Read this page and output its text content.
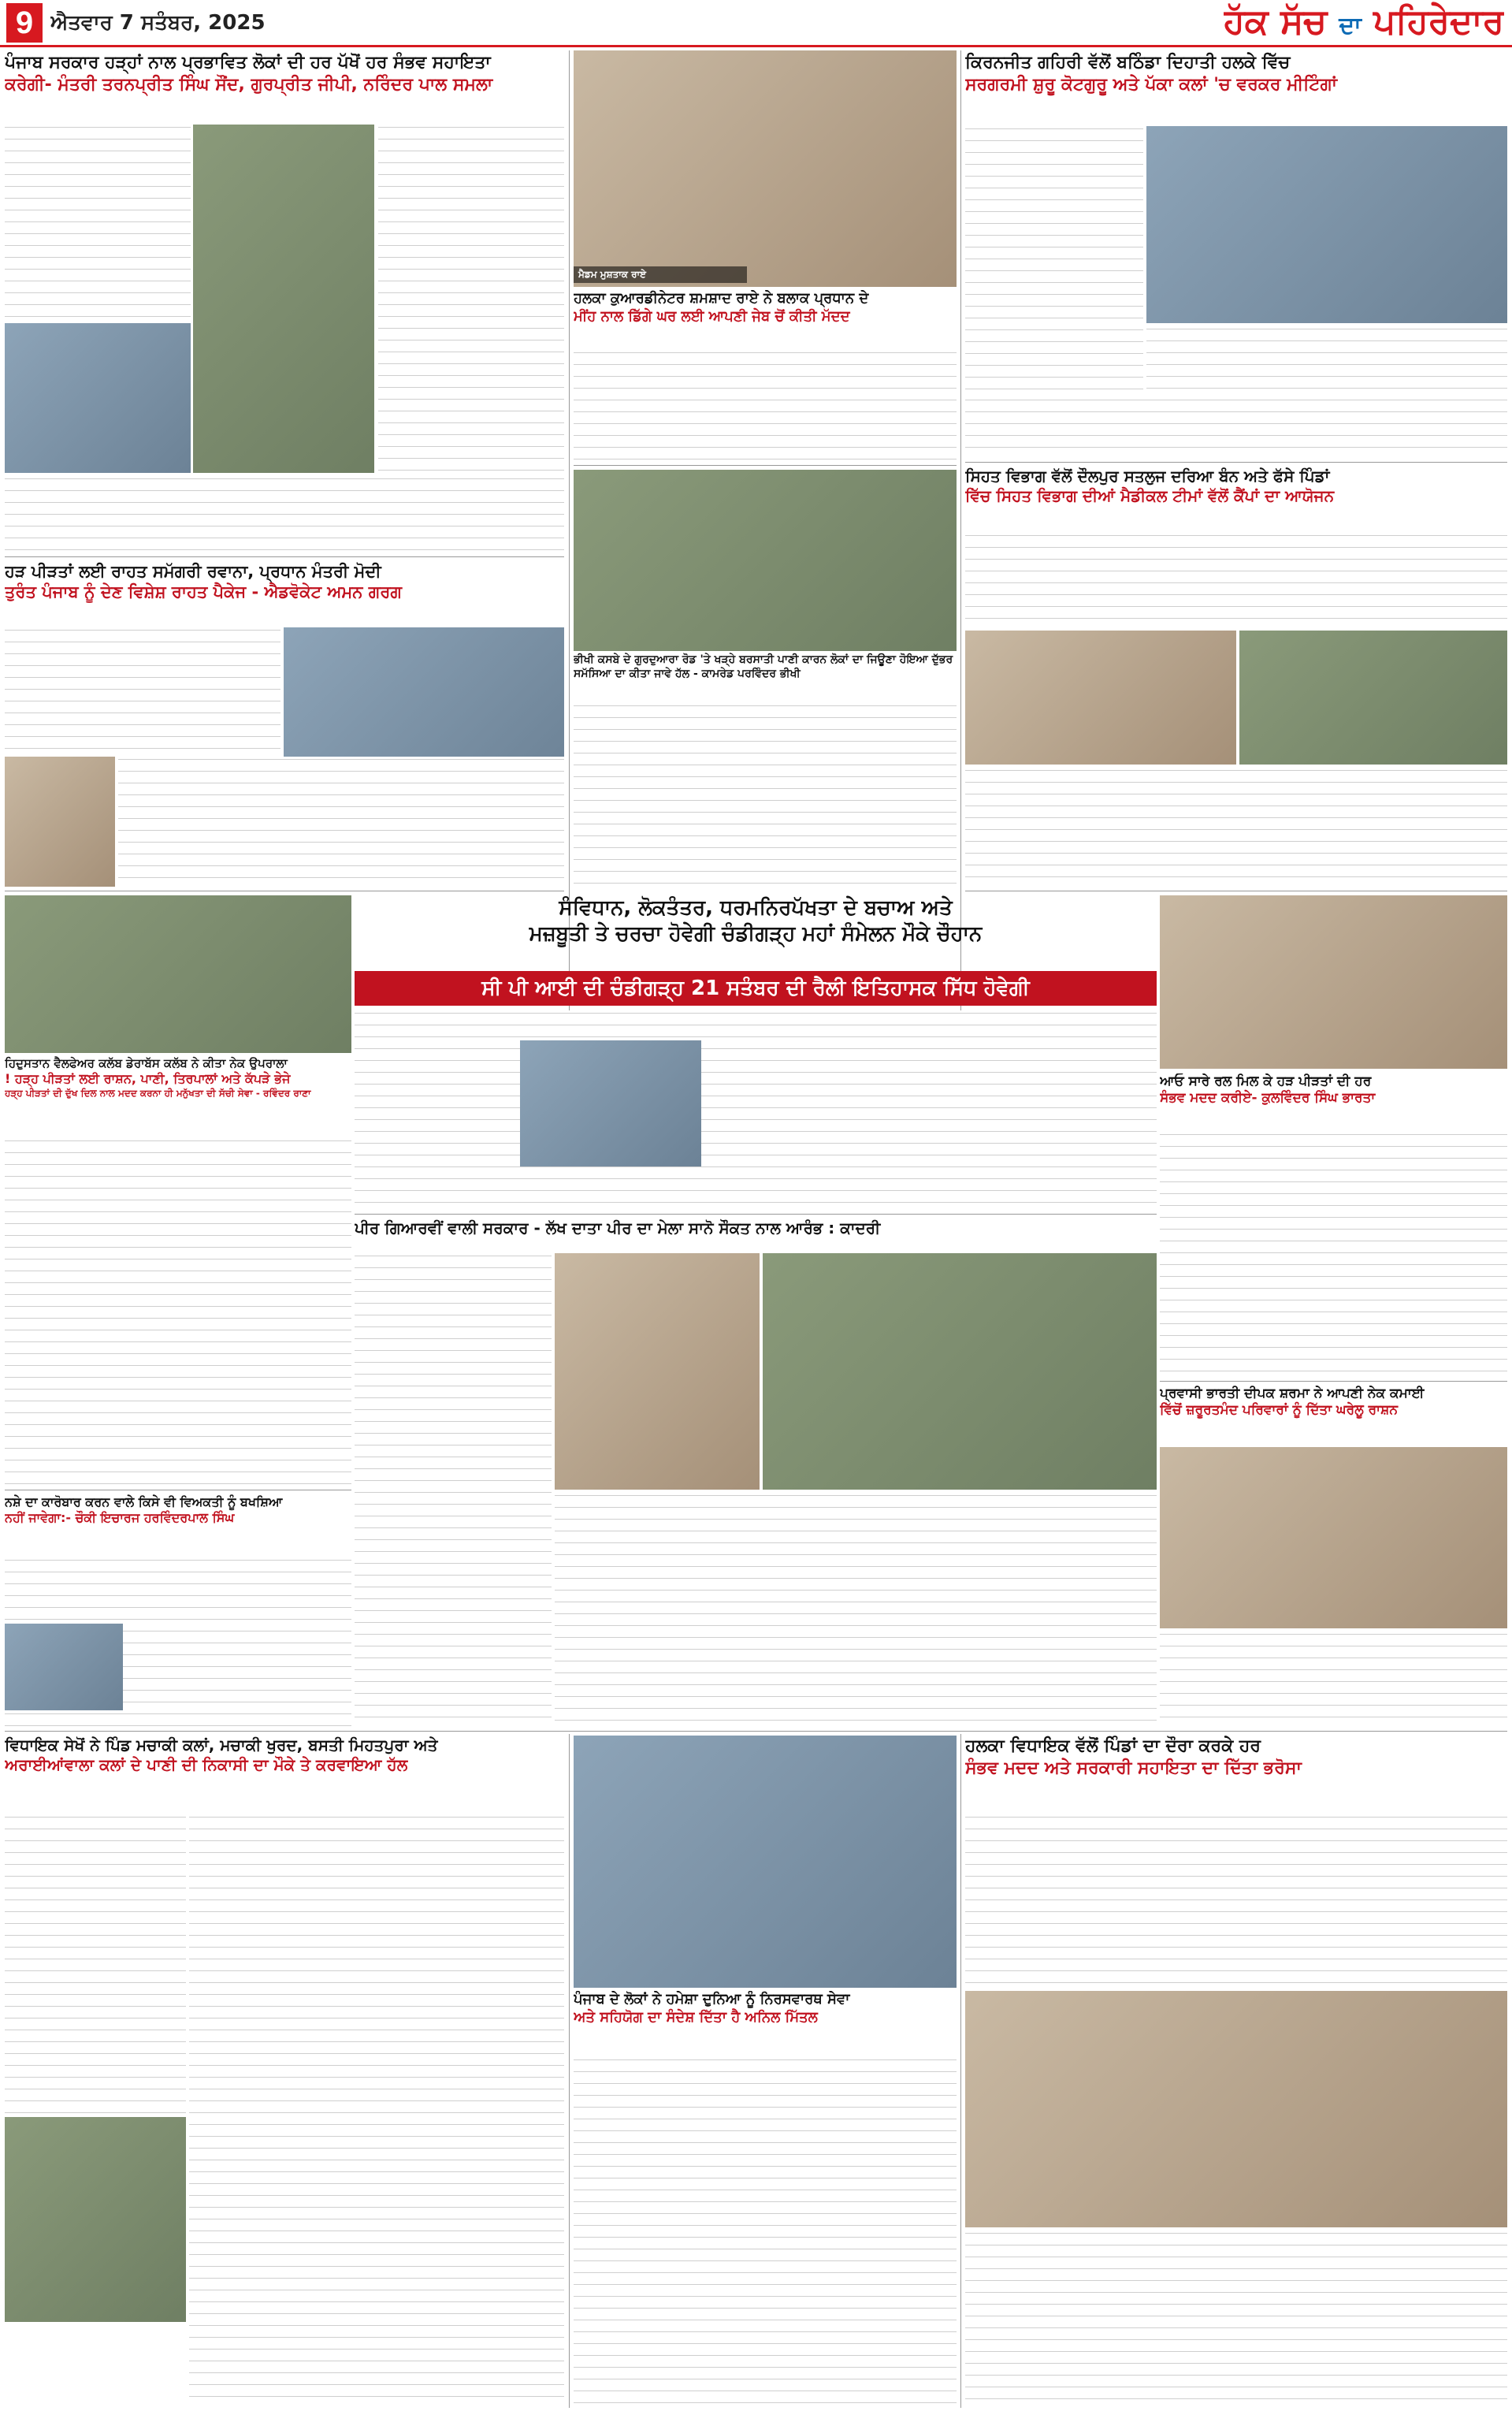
9 ਐਤਵਾਰ 7 ਸਤੰਬਰ, 2025	ਹੱਕ ਸੱਚ ਦਾ ਪਹਿਰੇਦਾਰ
ਪੰਜਾਬ ਸਰਕਾਰ ਹੜ੍ਹਾਂ ਨਾਲ ਪ੍ਰਭਾਵਿਤ ਲੋਕਾਂ ਦੀ ਹਰ ਪੱਖੋਂ ਹਰ ਸੰਭਵ ਸਹਾਇਤਾ
ਕਰੇਗੀ- ਮੰਤਰੀ ਤਰਨਪ੍ਰੀਤ ਸਿੰਘ ਸੌਂਦ, ਗੁਰਪ੍ਰੀਤ ਜੀਪੀ, ਨਰਿੰਦਰ ਪਾਲ ਸਮਲਾ
ਹੜ ਪੀੜਤਾਂ ਲਈ ਰਾਹਤ ਸਮੱਗਰੀ ਰਵਾਨਾ, ਪ੍ਰਧਾਨ ਮੰਤਰੀ ਮੋਦੀ
ਤੁਰੰਤ ਪੰਜਾਬ ਨੂੰ ਦੇਣ ਵਿਸ਼ੇਸ਼ ਰਾਹਤ ਪੈਕੇਜ - ਐਡਵੋਕੇਟ ਅਮਨ ਗਰਗ
ਮੈਡਮ ਮੁਸ਼ਤਾਕ ਰਾਏ
ਹਲਕਾ ਕੁਆਰਡੀਨੇਟਰ ਸ਼ਮਸ਼ਾਦ ਰਾਏ ਨੇ ਬਲਾਕ ਪ੍ਰਧਾਨ ਦੇ
ਮੀਂਹ ਨਾਲ ਡਿੱਗੇ ਘਰ ਲਈ ਆਪਣੀ ਜੇਬ ਚੋਂ ਕੀਤੀ ਮੱਦਦ
ਭੀਖੀ ਕਸਬੇ ਦੇ ਗੁਰਦੁਆਰਾ ਰੋਡ 'ਤੇ ਖੜ੍ਹੇ ਬਰਸਾਤੀ ਪਾਣੀ ਕਾਰਨ ਲੋਕਾਂ ਦਾ ਜਿਊਣਾ ਹੋਇਆ ਦੁੱਭਰ ਸਮੱਸਿਆ ਦਾ ਕੀਤਾ ਜਾਵੇ ਹੱਲ - ਕਾਮਰੇਡ ਪਰਵਿੰਦਰ ਭੀਖੀ
ਕਿਰਨਜੀਤ ਗਹਿਰੀ ਵੱਲੋਂ ਬਠਿੰਡਾ ਦਿਹਾਤੀ ਹਲਕੇ ਵਿੱਚ
ਸਰਗਰਮੀ ਸ਼ੁਰੂ ਕੋਟਗੁਰੂ ਅਤੇ ਪੱਕਾ ਕਲਾਂ 'ਚ ਵਰਕਰ ਮੀਟਿੰਗਾਂ
ਸਿਹਤ ਵਿਭਾਗ ਵੱਲੋਂ ਦੌਲਪੁਰ ਸਤਲੁਜ ਦਰਿਆ ਬੰਨ ਅਤੇ ਫੱਸੇ ਪਿੰਡਾਂ
ਵਿੱਚ ਸਿਹਤ ਵਿਭਾਗ ਦੀਆਂ ਮੈਡੀਕਲ ਟੀਮਾਂ ਵੱਲੋਂ ਕੈਂਪਾਂ ਦਾ ਆਯੋਜਨ
ਸੰਵਿਧਾਨ, ਲੋਕਤੰਤਰ, ਧਰਮਨਿਰਪੱਖਤਾ ਦੇ ਬਚਾਅ ਅਤੇ
ਮਜ਼ਬੂਤੀ ਤੇ ਚਰਚਾ ਹੋਵੇਗੀ ਚੰਡੀਗੜ੍ਹ ਮਹਾਂ ਸੰਮੇਲਨ ਮੌਕੇ ਚੌਹਾਨ
ਸੀ ਪੀ ਆਈ ਦੀ ਚੰਡੀਗੜ੍ਹ 21 ਸਤੰਬਰ ਦੀ ਰੈਲੀ ਇਤਿਹਾਸਕ ਸਿੱਧ ਹੋਵੇਗੀ
ਹਿਦੁਸਤਾਨ ਵੈਲਫੇਅਰ ਕਲੱਬ ਡੇਰਾਬੱਸ ਕਲੱਬ ਨੇ ਕੀਤਾ ਨੇਕ ਉਪਰਾਲਾ
! ਹੜ੍ਹ ਪੀੜਤਾਂ ਲਈ ਰਾਸ਼ਨ, ਪਾਣੀ, ਤਿਰਪਾਲਾਂ ਅਤੇ ਕੱਪੜੇ ਭੇਜੇ
ਹੜ੍ਹ ਪੀੜਤਾਂ ਦੀ ਦੁੱਖ ਦਿਲ ਨਾਲ ਮਦਦ ਕਰਨਾ ਹੀ ਮਨੁੱਖਤਾ ਦੀ ਸੱਚੀ ਸੇਵਾ - ਰਵਿੰਦਰ ਰਾਣਾ
ਆਓ ਸਾਰੇ ਰਲ ਮਿਲ ਕੇ ਹੜ ਪੀੜਤਾਂ ਦੀ ਹਰ
ਸੰਭਵ ਮਦਦ ਕਰੀਏ- ਕੁਲਵਿੰਦਰ ਸਿੰਘ ਭਾਰਤਾ
ਪੀਰ ਗਿਆਰਵੀਂ ਵਾਲੀ ਸਰਕਾਰ - ਲੱਖ ਦਾਤਾ ਪੀਰ ਦਾ ਮੇਲਾ ਸਾਨੋ ਸੌਕਤ ਨਾਲ ਆਰੰਭ : ਕਾਦਰੀ
ਨਸ਼ੇ ਦਾ ਕਾਰੋਬਾਰ ਕਰਨ ਵਾਲੇ ਕਿਸੇ ਵੀ ਵਿਅਕਤੀ ਨੂੰ ਬਖਸ਼ਿਆ
ਨਹੀਂ ਜਾਵੇਗਾ:- ਚੌਕੀ ਇਚਾਰਜ ਹਰਵਿੰਦਰਪਾਲ ਸਿੰਘ
ਪ੍ਰਵਾਸੀ ਭਾਰਤੀ ਦੀਪਕ ਸ਼ਰਮਾ ਨੇ ਆਪਣੀ ਨੇਕ ਕਮਾਈ
ਵਿੱਚੋਂ ਜ਼ਰੂਰਤਮੰਦ ਪਰਿਵਾਰਾਂ ਨੂੰ ਦਿੱਤਾ ਘਰੇਲੂ ਰਾਸ਼ਨ
ਵਿਧਾਇਕ ਸੇਖੋਂ ਨੇ ਪਿੰਡ ਮਚਾਕੀ ਕਲਾਂ, ਮਚਾਕੀ ਖੁਰਦ, ਬਸਤੀ ਮਿਹਤਪੁਰਾ ਅਤੇ
ਅਰਾਈਆਂਵਾਲਾ ਕਲਾਂ ਦੇ ਪਾਣੀ ਦੀ ਨਿਕਾਸੀ ਦਾ ਮੌਕੇ ਤੇ ਕਰਵਾਇਆ ਹੱਲ
ਪੰਜਾਬ ਦੇ ਲੋਕਾਂ ਨੇ ਹਮੇਸ਼ਾ ਦੁਨਿਆ ਨੂੰ ਨਿਰਸਵਾਰਥ ਸੇਵਾ
ਅਤੇ ਸਹਿਯੋਗ ਦਾ ਸੰਦੇਸ਼ ਦਿੱਤਾ ਹੈ ਅਨਿਲ ਮਿੱਤਲ
ਹਲਕਾ ਵਿਧਾਇਕ ਵੱਲੋਂ ਪਿੰਡਾਂ ਦਾ ਦੌਰਾ ਕਰਕੇ ਹਰ
ਸੰਭਵ ਮਦਦ ਅਤੇ ਸਰਕਾਰੀ ਸਹਾਇਤਾ ਦਾ ਦਿੱਤਾ ਭਰੋਸਾ
